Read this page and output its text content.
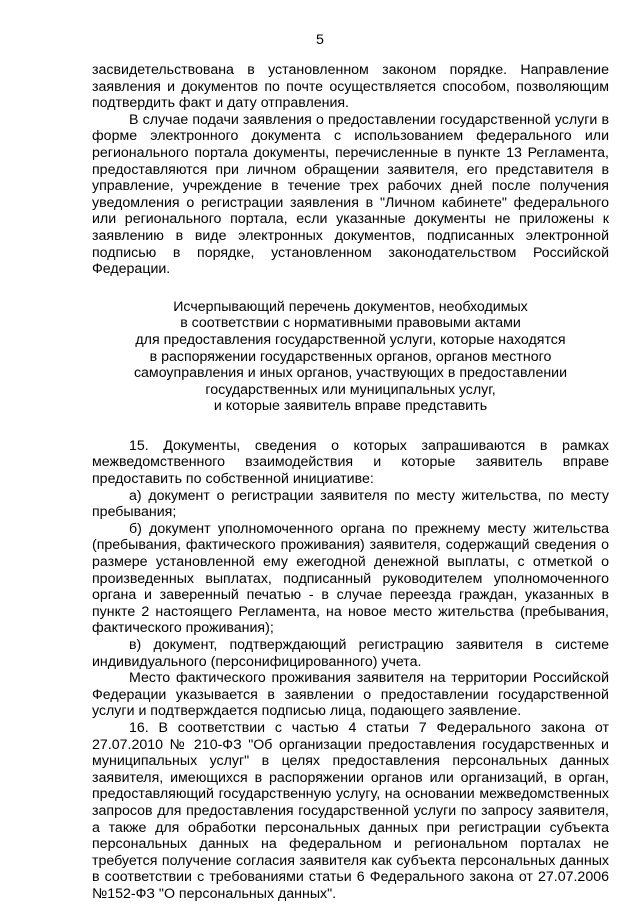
5

засвидетельствована в установленном законом порядке. Направление заявления и документов по почте осуществляется способом, позволяющим подтвердить факт и дату отправления.

В случае подачи заявления о предоставлении государственной услуги в форме электронного документа с использованием федерального или регионального портала документы, перечисленные в пункте 13 Регламента, предоставляются при личном обращении заявителя, его представителя в управление, учреждение в течение трех рабочих дней после получения уведомления о регистрации заявления в "Личном кабинете" федерального или регионального портала, если указанные документы не приложены к заявлению в виде электронных документов, подписанных электронной подписью в порядке, установленном законодательством Российской Федерации.

Исчерпывающий перечень документов, необходимых
в соответствии с нормативными правовыми актами
для предоставления государственной услуги, которые находятся
в распоряжении государственных органов, органов местного
самоуправления и иных органов, участвующих в предоставлении
государственных или муниципальных услуг,
и которые заявитель вправе представить

15. Документы, сведения о которых запрашиваются в рамках межведомственного взаимодействия и которые заявитель вправе предоставить по собственной инициативе:

а) документ о регистрации заявителя по месту жительства, по месту пребывания;

б) документ уполномоченного органа по прежнему месту жительства (пребывания, фактического проживания) заявителя, содержащий сведения о размере установленной ему ежегодной денежной выплаты, с отметкой о произведенных выплатах, подписанный руководителем уполномоченного органа и заверенный печатью - в случае переезда граждан, указанных в пункте 2 настоящего Регламента, на новое место жительства (пребывания, фактического проживания);

в) документ, подтверждающий регистрацию заявителя в системе индивидуального (персонифицированного) учета.

Место фактического проживания заявителя на территории Российской Федерации указывается в заявлении о предоставлении государственной услуги и подтверждается подписью лица, подающего заявление.

16. В соответствии с частью 4 статьи 7 Федерального закона от 27.07.2010 № 210-ФЗ "Об организации предоставления государственных и муниципальных услуг" в целях предоставления персональных данных заявителя, имеющихся в распоряжении органов или организаций, в орган, предоставляющий государственную услугу, на основании межведомственных запросов для предоставления государственной услуги по запросу заявителя, а также для обработки персональных данных при регистрации субъекта персональных данных на федеральном и региональном порталах не требуется получение согласия заявителя как субъекта персональных данных в соответствии с требованиями статьи 6 Федерального закона от 27.07.2006 №152-ФЗ "О персональных данных".
